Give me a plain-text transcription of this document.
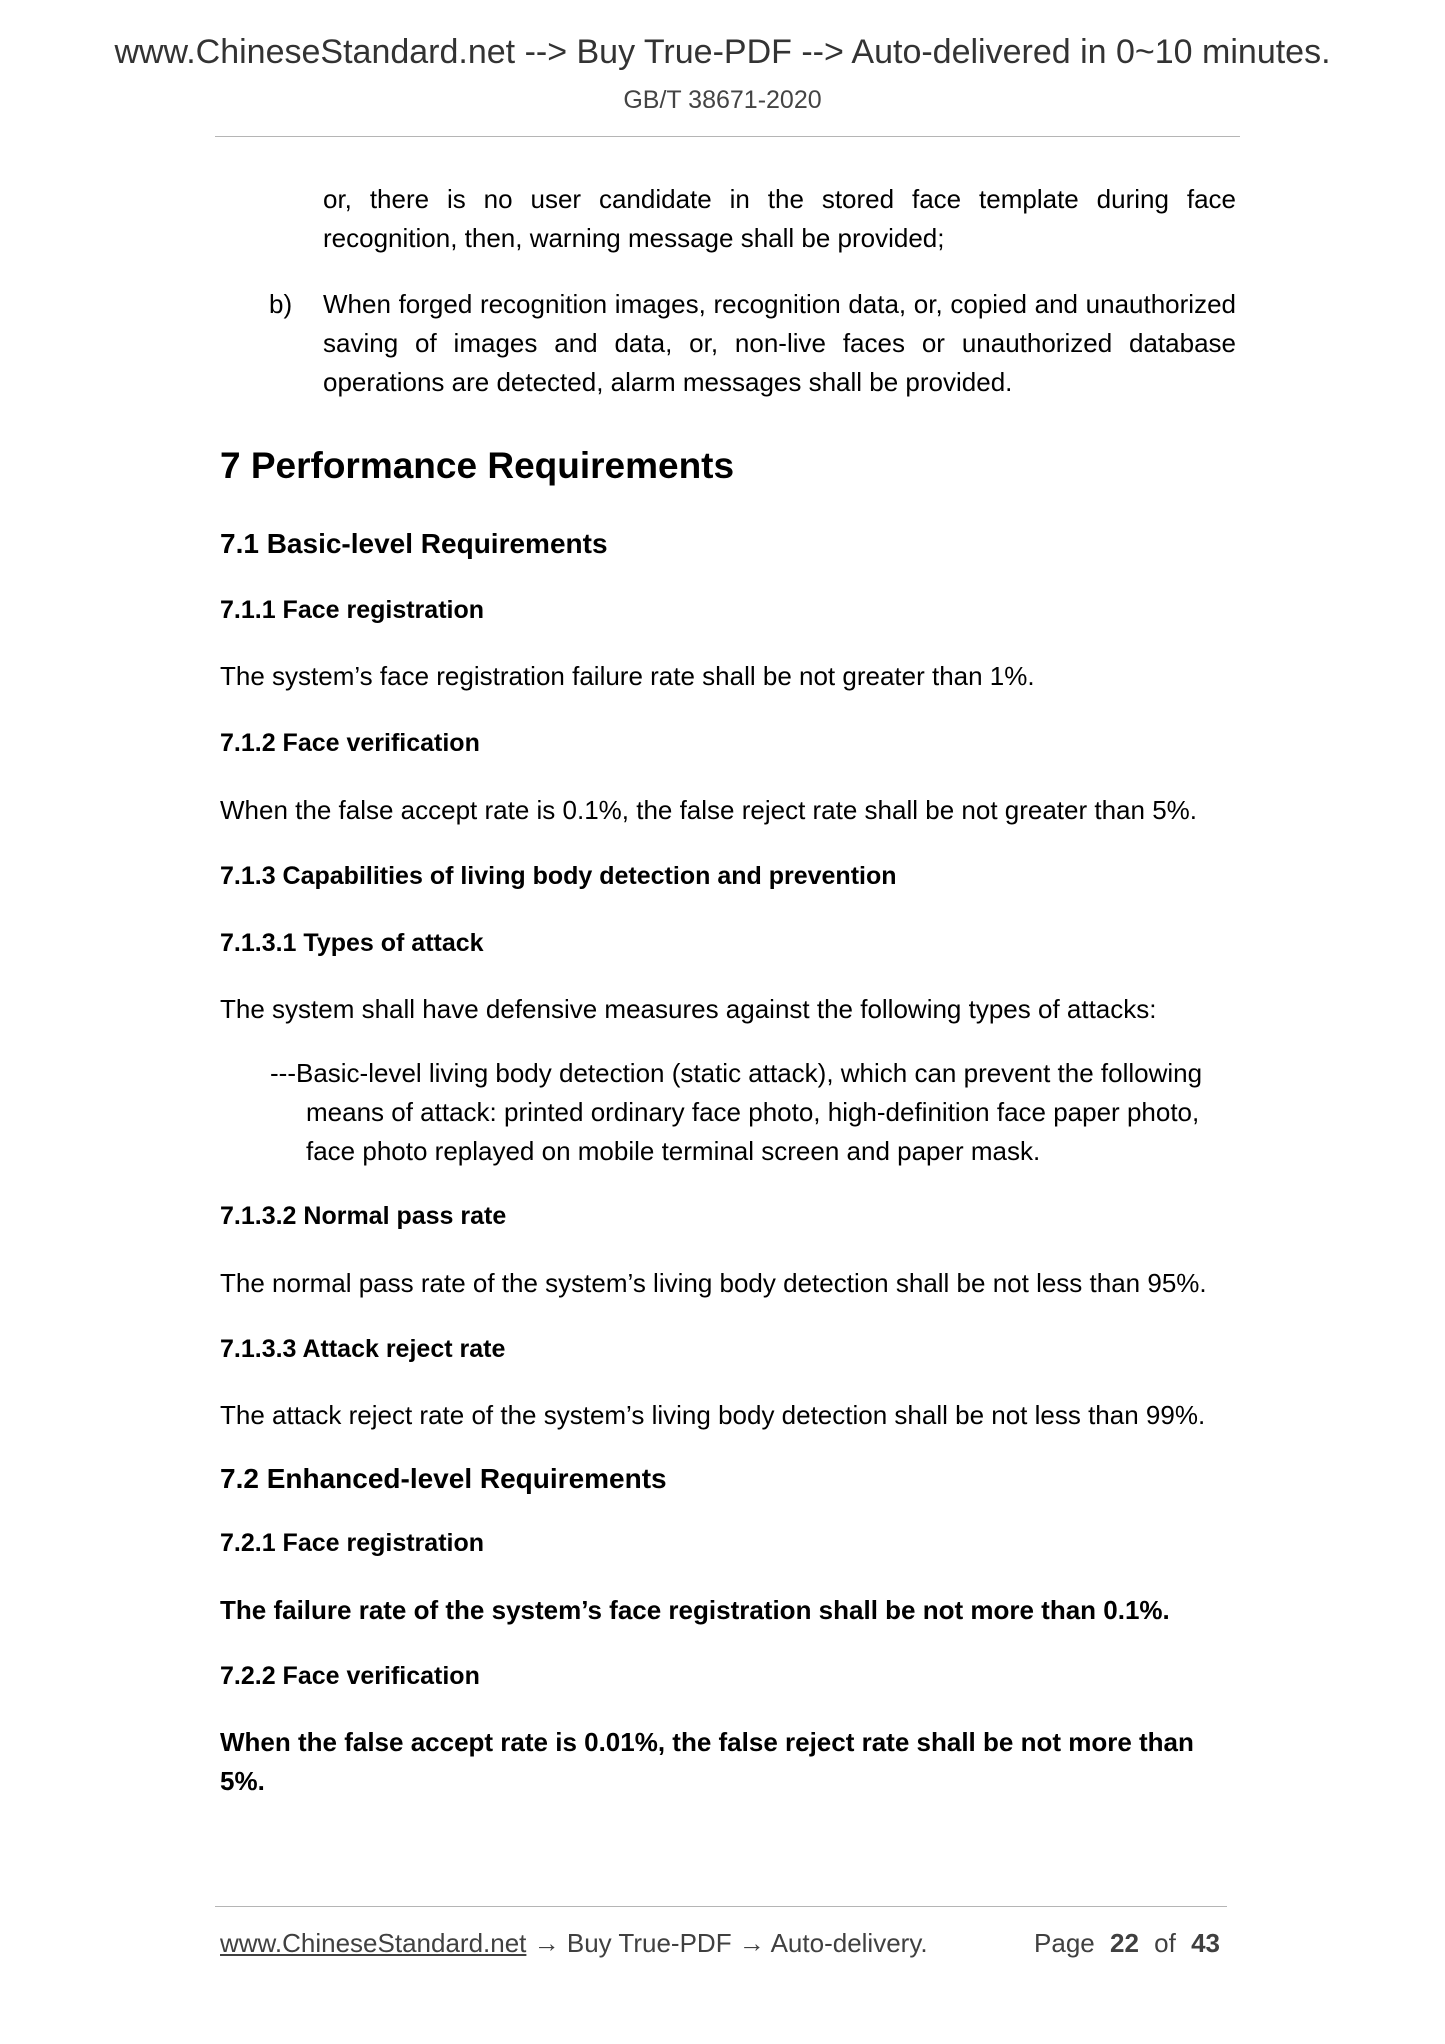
www.ChineseStandard.net --> Buy True-PDF --> Auto-delivered in 0~10 minutes.
GB/T 38671-2020

or, there is no user candidate in the stored face template during face recognition, then, warning message shall be provided;

b) When forged recognition images, recognition data, or, copied and unauthorized saving of images and data, or, non-live faces or unauthorized database operations are detected, alarm messages shall be provided.
7 Performance Requirements
7.1 Basic-level Requirements
7.1.1 Face registration

The system’s face registration failure rate shall be not greater than 1%.

7.1.2 Face verification

When the false accept rate is 0.1%, the false reject rate shall be not greater than 5%.

7.1.3 Capabilities of living body detection and prevention
7.1.3.1 Types of attack

The system shall have defensive measures against the following types of attacks:

---Basic-level living body detection (static attack), which can prevent the following means of attack: printed ordinary face photo, high-definition face paper photo, face photo replayed on mobile terminal screen and paper mask.

7.1.3.2 Normal pass rate

The normal pass rate of the system’s living body detection shall be not less than 95%.

7.1.3.3 Attack reject rate

The attack reject rate of the system’s living body detection shall be not less than 99%.

7.2 Enhanced-level Requirements
7.2.1 Face registration

The failure rate of the system’s face registration shall be not more than 0.1%.

7.2.2 Face verification

When the false accept rate is 0.01%, the false reject rate shall be not more than 5%.

www.ChineseStandard.net → Buy True-PDF → Auto-delivery.	Page 22 of 43
